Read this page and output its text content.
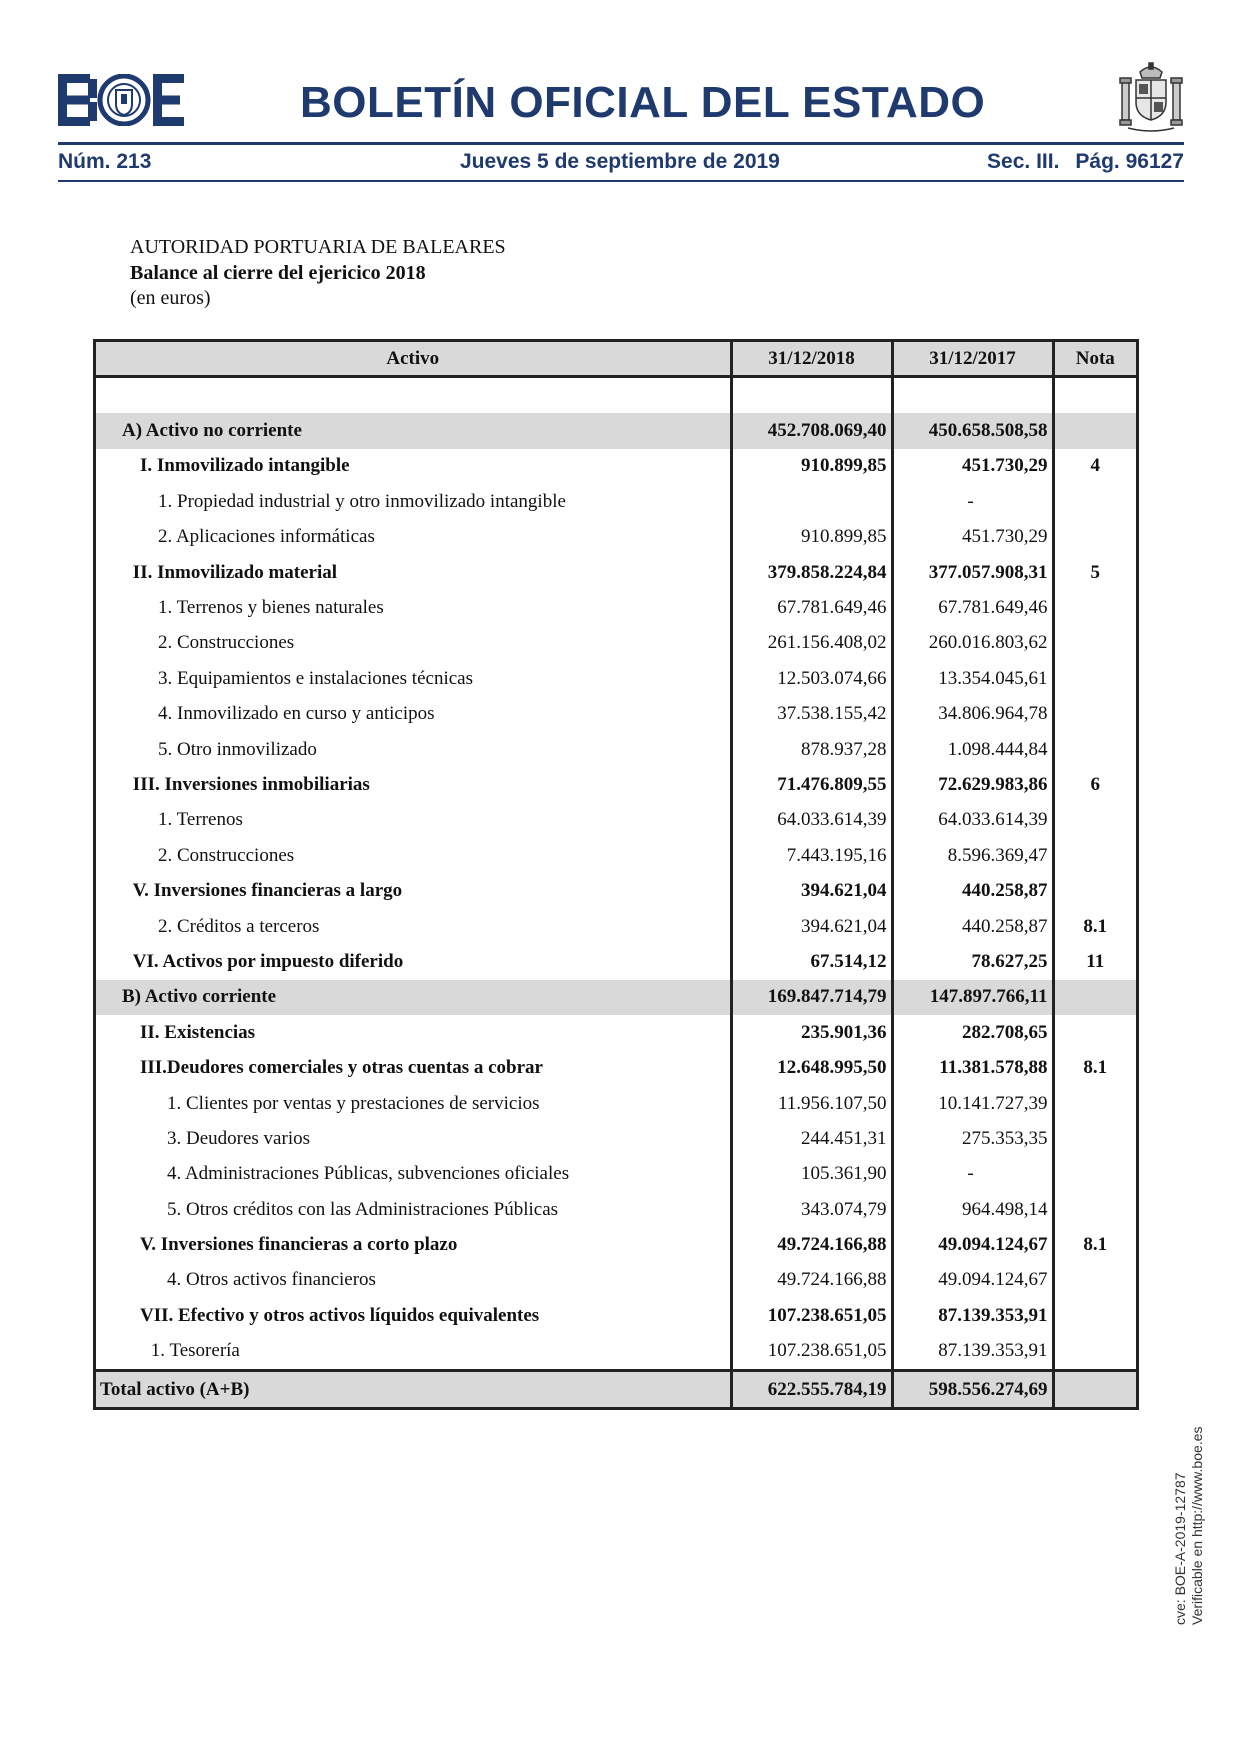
BOLETÍN OFICIAL DEL ESTADO
Núm. 213	Jueves 5 de septiembre de 2019	Sec. III. Pág. 96127
AUTORIDAD PORTUARIA DE BALEARES
Balance al cierre del ejericico 2018
(en euros)
Activo	31/12/2018	31/12/2017	Nota

A) Activo no corriente	452.708.069,40	450.658.508,58	
I. Inmovilizado intangible	910.899,85	451.730,29	4
1. Propiedad industrial y otro inmovilizado intangible		-	
2. Aplicaciones informáticas	910.899,85	451.730,29	
II. Inmovilizado material	379.858.224,84	377.057.908,31	5
1. Terrenos y bienes naturales	67.781.649,46	67.781.649,46	
2. Construcciones	261.156.408,02	260.016.803,62	
3. Equipamientos e instalaciones técnicas	12.503.074,66	13.354.045,61	
4. Inmovilizado en curso y anticipos	37.538.155,42	34.806.964,78	
5. Otro inmovilizado	878.937,28	1.098.444,84	
III. Inversiones inmobiliarias	71.476.809,55	72.629.983,86	6
1. Terrenos	64.033.614,39	64.033.614,39	
2. Construcciones	7.443.195,16	8.596.369,47	
V. Inversiones financieras a largo	394.621,04	440.258,87	
2. Créditos a terceros	394.621,04	440.258,87	8.1
VI. Activos por impuesto diferido	67.514,12	78.627,25	11
B) Activo corriente	169.847.714,79	147.897.766,11	
II. Existencias	235.901,36	282.708,65	
III.Deudores comerciales y otras cuentas a cobrar	12.648.995,50	11.381.578,88	8.1
1. Clientes por ventas y prestaciones de servicios	11.956.107,50	10.141.727,39	
3. Deudores varios	244.451,31	275.353,35	
4. Administraciones Públicas, subvenciones oficiales	105.361,90	-	
5. Otros créditos con las Administraciones Públicas	343.074,79	964.498,14	
V. Inversiones financieras a corto plazo	49.724.166,88	49.094.124,67	8.1
4. Otros activos financieros	49.724.166,88	49.094.124,67	
VII. Efectivo y otros activos líquidos equivalentes	107.238.651,05	87.139.353,91	
1. Tesorería	107.238.651,05	87.139.353,91	
Total activo (A+B)	622.555.784,19	598.556.274,69	
cve: BOE-A-2019-12787 Verificable en http://www.boe.es
